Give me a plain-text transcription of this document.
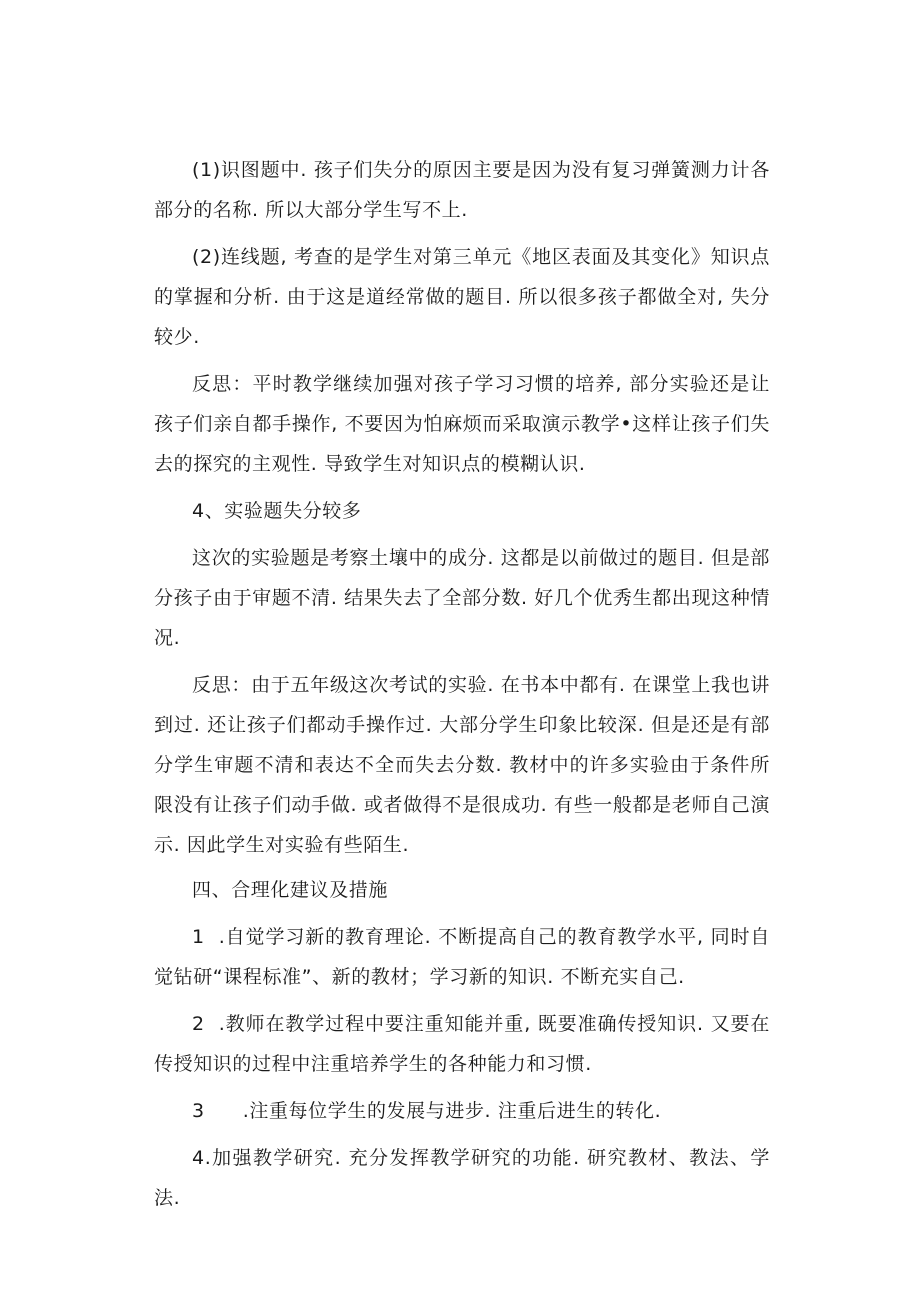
(1)识图题中. 孩子们失分的原因主要是因为没有复习弹簧测力计各部分的名称. 所以大部分学生写不上.

(2)连线题, 考查的是学生对第三单元《地区表面及其变化》知识点的掌握和分析. 由于这是道经常做的题目. 所以很多孩子都做全对, 失分较少.

反思：平时教学继续加强对孩子学习习惯的培养, 部分实验还是让孩子们亲自都手操作, 不要因为怕麻烦而采取演示教学•这样让孩子们失去的探究的主观性. 导致学生对知识点的模糊认识.

4、实验题失分较多

这次的实验题是考察土壤中的成分. 这都是以前做过的题目. 但是部分孩子由于审题不清. 结果失去了全部分数. 好几个优秀生都出现这种情况.

反思：由于五年级这次考试的实验. 在书本中都有. 在课堂上我也讲到过. 还让孩子们都动手操作过. 大部分学生印象比较深. 但是还是有部分学生审题不清和表达不全而失去分数. 教材中的许多实验由于条件所限没有让孩子们动手做. 或者做得不是很成功. 有些一般都是老师自己演示. 因此学生对实验有些陌生.

四、合理化建议及措施

1 .自觉学习新的教育理论. 不断提高自己的教育教学水平, 同时自觉钻研“课程标准”、新的教材；学习新的知识. 不断充实自己.

2 .教师在教学过程中要注重知能并重, 既要准确传授知识. 又要在传授知识的过程中注重培养学生的各种能力和习惯.

3 .注重每位学生的发展与进步. 注重后进生的转化.

4.加强教学研究. 充分发挥教学研究的功能. 研究教材、教法、学法.
